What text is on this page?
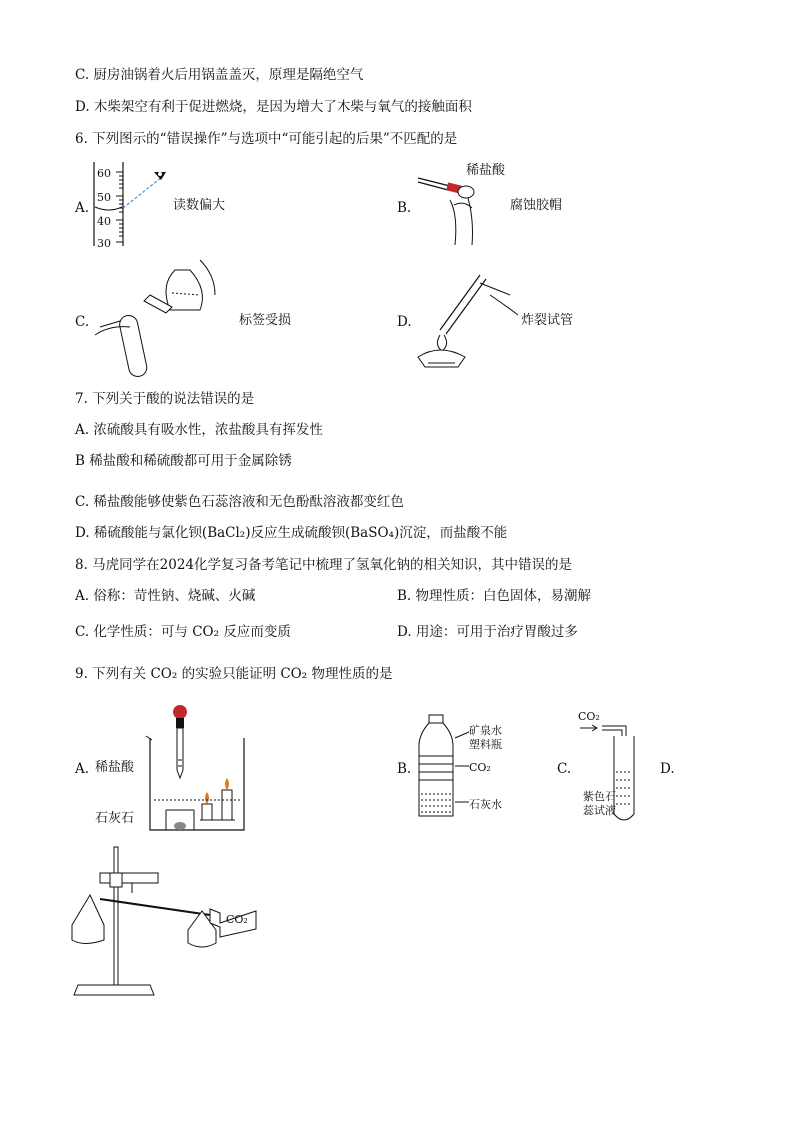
C. 厨房油锅着火后用锅盖盖灭，原理是隔绝空气
D. 木柴架空有利于促进燃烧，是因为增大了木柴与氧气的接触面积
6. 下列图示的“错误操作”与选项中“可能引起的后果”不匹配的是
A.
60
50
40
30
读数偏大	B.
稀盐酸
腐蚀胶帽
C.	标签受损	D.	炸裂试管
7. 下列关于酸的说法错误的是
A. 浓硫酸具有吸水性，浓盐酸具有挥发性
B 稀盐酸和稀硫酸都可用于金属除锈
C. 稀盐酸能够使紫色石蕊溶液和无色酚酞溶液都变红色
D. 稀硫酸能与氯化钡(BaCl₂)反应生成硫酸钡(BaSO₄)沉淀，而盐酸不能
8. 马虎同学在2024化学复习备考笔记中梳理了氢氧化钠的相关知识，其中错误的是
A. 俗称：苛性钠、烧碱、火碱	B. 物理性质：白色固体，易潮解
C. 化学性质：可与 CO₂ 反应而变质	D. 用途：可用于治疗胃酸过多
9. 下列有关 CO₂ 的实验只能证明 CO₂ 物理性质的是
A. 稀盐酸
石灰石
B.
矿泉水
塑料瓶
CO₂
石灰水
C.
CO₂
紫色石
蕊试液
D.
CO₂
